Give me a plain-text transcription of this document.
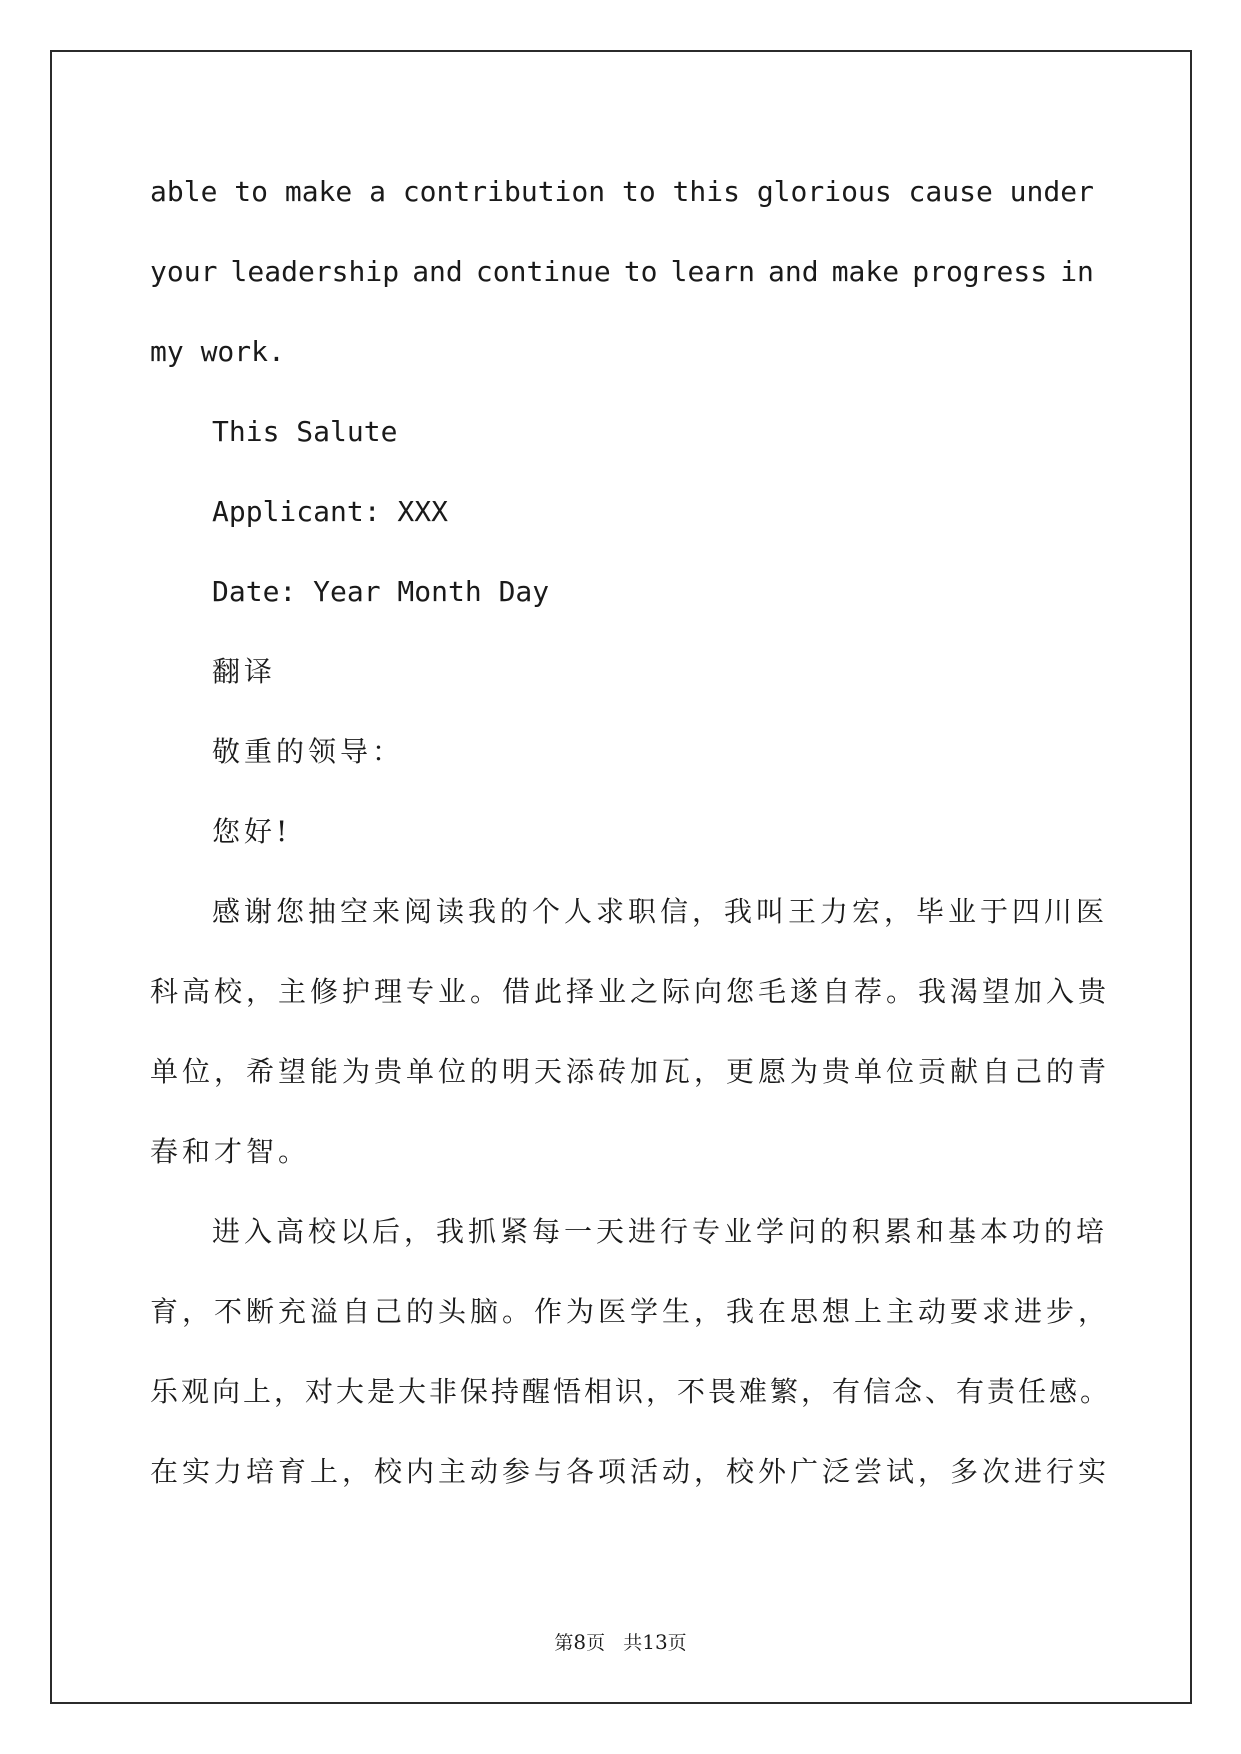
able to make a contribution to this glorious cause under
your leadership and continue to learn and make progress in
my work.
This Salute
Applicant: XXX
Date: Year Month Day
翻译
敬重的领导：
您好!
感谢您抽空来阅读我的个人求职信，我叫王力宏，毕业于四川医
科高校，主修护理专业。借此择业之际向您毛遂自荐。我渴望加入贵
单位，希望能为贵单位的明天添砖加瓦，更愿为贵单位贡献自己的青
春和才智。
进入高校以后，我抓紧每一天进行专业学问的积累和基本功的培
育，不断充溢自己的头脑。作为医学生，我在思想上主动要求进步，
乐观向上，对大是大非保持醒悟相识，不畏难繁，有信念、有责任感。
在实力培育上，校内主动参与各项活动，校外广泛尝试，多次进行实
第8页 共13页
